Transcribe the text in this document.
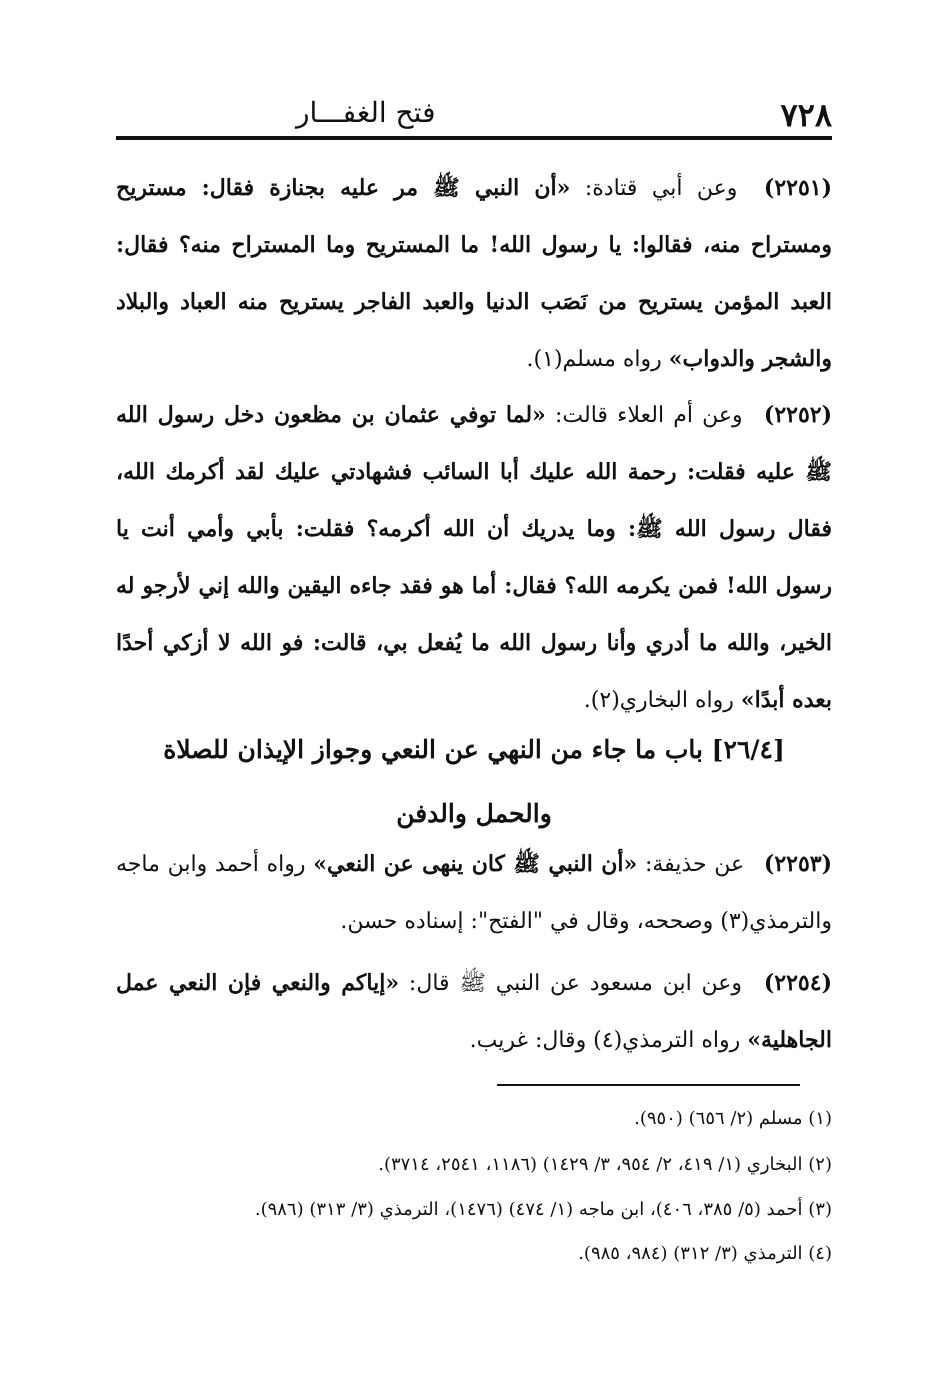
٧٢٨
فتح الغفـــار
(٢٢٥١) وعن أبي قتادة: «أن النبي ﷺ مر عليه بجنازة فقال: مستريح ومستراح منه، فقالوا: يا رسول الله! ما المستريح وما المستراح منه؟ فقال: العبد المؤمن يستريح من نَصَب الدنيا والعبد الفاجر يستريح منه العباد والبلاد والشجر والدواب» رواه مسلم(١).
(٢٢٥٢) وعن أم العلاء قالت: «لما توفي عثمان بن مظعون دخل رسول الله ﷺ عليه فقلت: رحمة الله عليك أبا السائب فشهادتي عليك لقد أكرمك الله، فقال رسول الله ﷺ: وما يدريك أن الله أكرمه؟ فقلت: بأبي وأمي أنت يا رسول الله! فمن يكرمه الله؟ فقال: أما هو فقد جاءه اليقين والله إني لأرجو له الخير، والله ما أدري وأنا رسول الله ما يُفعل بي، قالت: فو الله لا أزكي أحدًا بعده أبدًا» رواه البخاري(٢).
[٢٦/٤] باب ما جاء من النهي عن النعي وجواز الإيذان للصلاة
والحمل والدفن
(٢٢٥٣) عن حذيفة: «أن النبي ﷺ كان ينهى عن النعي» رواه أحمد وابن ماجه والترمذي(٣) وصححه، وقال في "الفتح": إسناده حسن.
(٢٢٥٤) وعن ابن مسعود عن النبي ﷺ قال: «إياكم والنعي فإن النعي عمل الجاهلية» رواه الترمذي(٤) وقال: غريب.
(١) مسلم (٢/ ٦٥٦) (٩٥٠).
(٢) البخاري (١/ ٤١٩، ٢/ ٩٥٤، ٣/ ١٤٢٩) (١١٨٦، ٢٥٤١، ٣٧١٤).
(٣) أحمد (٥/ ٣٨٥، ٤٠٦)، ابن ماجه (١/ ٤٧٤) (١٤٧٦)، الترمذي (٣/ ٣١٣) (٩٨٦).
(٤) الترمذي (٣/ ٣١٢) (٩٨٤، ٩٨٥).
